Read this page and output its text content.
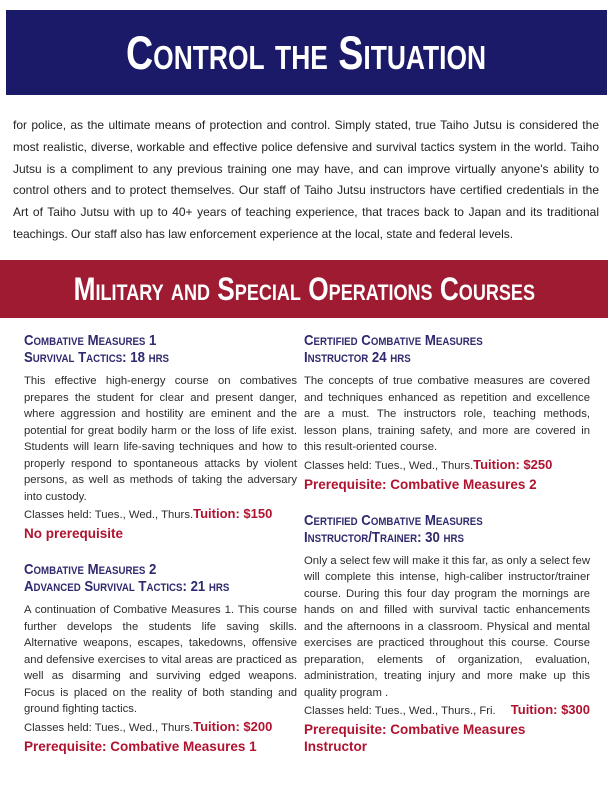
Control the Situation

for police, as the ultimate means of protection and control. Simply stated, true Taiho Jutsu is considered the most realistic, diverse, workable and effective police defensive and survival tactics system in the world. Taiho Jutsu is a compliment to any previous training one may have, and can improve virtually anyone's ability to control others and to protect themselves. Our staff of Taiho Jutsu instructors have certified credentials in the Art of Taiho Jutsu with up to 40+ years of teaching experience, that traces back to Japan and its traditional teachings. Our staff also has law enforcement experience at the local, state and federal levels.

Military and Special Operations Courses
Combative Measures 1
Survival Tactics: 18 hrs
This effective high-energy course on combatives prepares the student for clear and present danger, where aggression and hostility are eminent and the potential for great bodily harm or the loss of life exist. Students will learn life-saving techniques and how to properly respond to spontaneous attacks by violent persons, as well as methods of taking the adversary into custody.
Classes held: Tues., Wed., Thurs. Tuition: $150
No prerequisite
Combative Measures 2
Advanced Survival Tactics: 21 hrs
A continuation of Combative Measures 1. This course further develops the students life saving skills. Alternative weapons, escapes, takedowns, offensive and defensive exercises to vital areas are practiced as well as disarming and surviving edged weapons. Focus is placed on the reality of both standing and ground fighting tactics.
Classes held: Tues., Wed., Thurs. Tuition: $200
Prerequisite: Combative Measures 1
Certified Combative Measures
Instructor 24 hrs
The concepts of true combative measures are covered and techniques enhanced as repetition and excellence are a must. The instructors role, teaching methods, lesson plans, training safety, and more are covered in this result-oriented course.
Classes held: Tues., Wed., Thurs. Tuition: $250
Prerequisite: Combative Measures 2
Certified Combative Measures
Instructor/Trainer: 30 hrs
Only a select few will make it this far, as only a select few will complete this intense, high-caliber instructor/trainer course. During this four day program the mornings are hands on and filled with survival tactic enhancements and the afternoons in a classroom. Physical and mental exercises are practiced throughout this course. Course preparation, elements of organization, evaluation, administration, treating injury and more make up this quality program .
Classes held: Tues., Wed., Thurs., Fri. Tuition: $300
Prerequisite: Combative Measures Instructor
